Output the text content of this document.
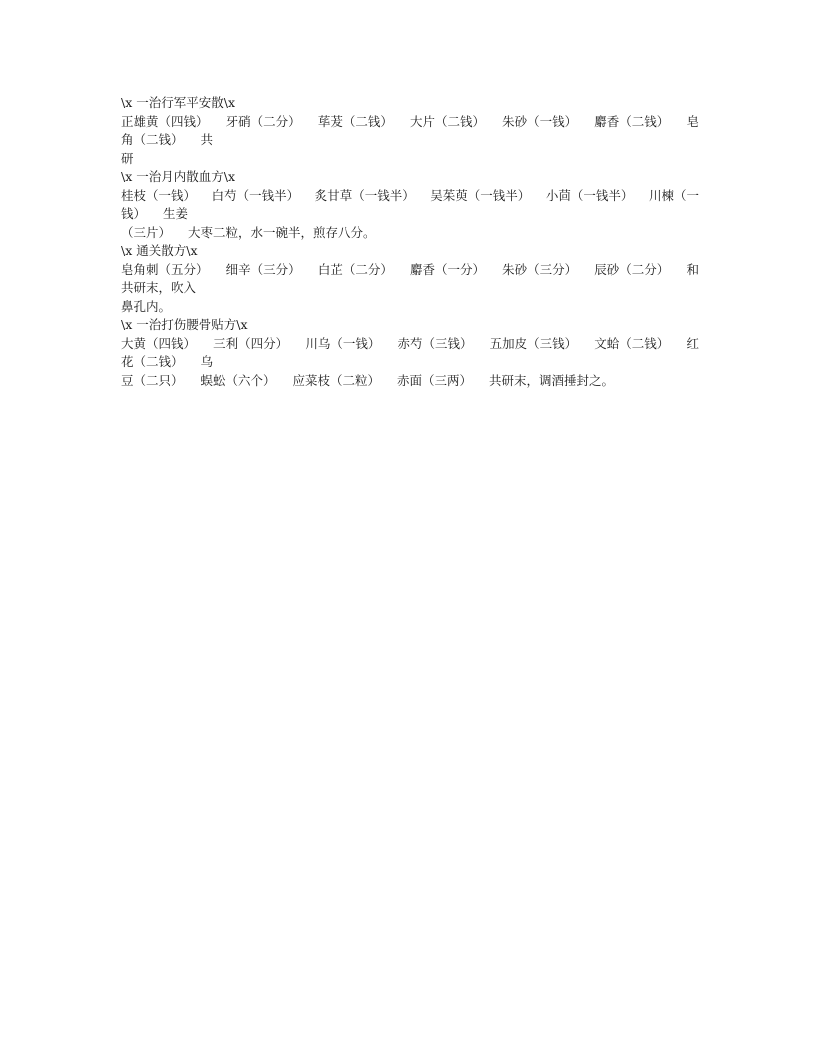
\x 一治行军平安散\x
正雄黄（四钱） 牙硝（二分） 荜茇（二钱） 大片（二钱） 朱砂（一钱） 麝香（二钱） 皂
角（二钱） 共
研
\x 一治月内散血方\x
桂枝（一钱） 白芍（一钱半） 炙甘草（一钱半） 吴茱萸（一钱半） 小茴（一钱半） 川楝（一
钱） 生姜
（三片） 大枣二粒，水一碗半，煎存八分。
\x 通关散方\x
皂角刺（五分） 细辛（三分） 白芷（二分） 麝香（一分） 朱砂（三分） 辰砂（二分） 和
共研末，吹入
鼻孔内。
\x 一治打伤腰骨贴方\x
大黄（四钱） 三利（四分） 川乌（一钱） 赤芍（三钱） 五加皮（三钱） 文蛤（二钱） 红
花（二钱） 乌
豆（二只） 蜈蚣（六个） 应菜枝（二粒） 赤面（三两） 共研末，调酒捶封之。
